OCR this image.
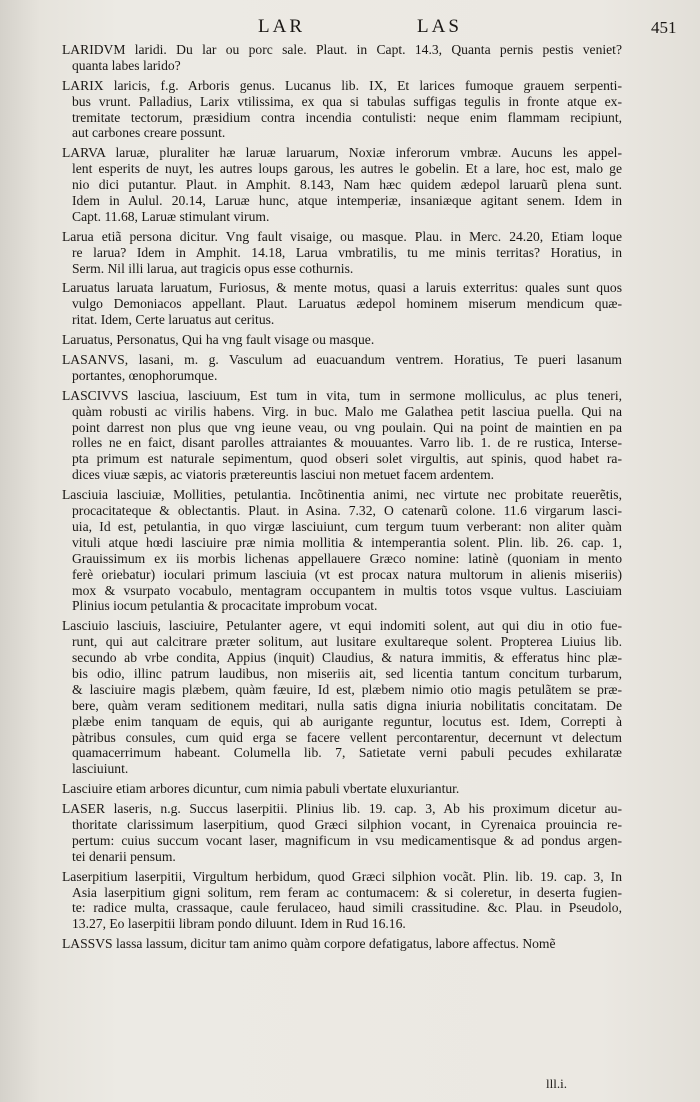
LAR	LAS	451
LARIDVM laridi. Du lar ou porc sale. Plaut. in Capt. 14.3, Quanta pernis pestis veniet?
quanta labes larido?
LARIX laricis, f.g. Arboris genus. Lucanus lib. IX, Et larices fumoque grauem serpenti-
bus vrunt. Palladius, Larix vtilissima, ex qua si tabulas suffigas tegulis in fronte atque ex-
tremitate tectorum, præsidium contra incendia contulisti: neque enim flammam recipiunt,
aut carbones creare possunt.
LARVA laruæ, pluraliter hæ laruæ laruarum, Noxiæ inferorum vmbræ. Aucuns les appel-
lent esperits de nuyt, les autres loups garous, les autres le gobelin. Et a lare, hoc est, malo ge
nio dici putantur. Plaut. in Amphit. 8.143, Nam hæc quidem ædepol laruarũ plena sunt.
Idem in Aulul. 20.14, Laruæ hunc, atque intemperiæ, insaniæque agitant senem. Idem in
Capt. 11.68, Laruæ stimulant virum.
Larua etiã persona dicitur. Vng fault visaige, ou masque. Plau. in Merc. 24.20, Etiam loque
re larua? Idem in Amphit. 14.18, Larua vmbratilis, tu me minis territas? Horatius, in
Serm. Nil illi larua, aut tragicis opus esse cothurnis.
Laruatus laruata laruatum, Furiosus, & mente motus, quasi a laruis exterritus: quales sunt quos
vulgo Demoniacos appellant. Plaut. Laruatus ædepol hominem miserum mendicum quæ-
ritat. Idem, Certe laruatus aut ceritus.
Laruatus, Personatus, Qui ha vng fault visage ou masque.
LASANVS, lasani, m. g. Vasculum ad euacuandum ventrem. Horatius, Te pueri lasanum
portantes, œnophorumque.
LASCIVVS lasciua, lasciuum, Est tum in vita, tum in sermone molliculus, ac plus teneri,
quàm robusti ac virilis habens. Virg. in buc. Malo me Galathea petit lasciua puella. Qui na
point darrest non plus que vng ieune veau, ou vng poulain. Qui na point de maintien en pa
rolles ne en faict, disant parolles attraiantes & mouuantes. Varro lib. 1. de re rustica, Interse-
pta primum est naturale sepimentum, quod obseri solet virgultis, aut spinis, quod habet ra-
dices viuæ sæpis, ac viatoris prætereuntis lasciui non metuet facem ardentem.
Lasciuia lasciuiæ, Mollities, petulantia. Incõtinentia animi, nec virtute nec probitate reuerẽtis,
procacitateque & oblectantis. Plaut. in Asina. 7.32, O catenarũ colone. 11.6 virgarum lasci-
uia, Id est, petulantia, in quo virgæ lasciuiunt, cum tergum tuum verberant: non aliter quàm
vituli atque hœdi lasciuire præ nimia mollitia & intemperantia solent. Plin. lib. 26. cap. 1,
Grauissimum ex iis morbis lichenas appellauere Græco nomine: latinè (quoniam in mento
ferè oriebatur) ioculari primum lasciuia (vt est procax natura multorum in alienis miseriis)
mox & vsurpato vocabulo, mentagram occupantem in multis totos vsque vultus. Lasciuiam
Plinius iocum petulantia & procacitate improbum vocat.
Lasciuio lasciuis, lasciuire, Petulanter agere, vt equi indomiti solent, aut qui diu in otio fue-
runt, qui aut calcitrare præter solitum, aut lusitare exultareque solent. Propterea Liuius lib.
secundo ab vrbe condita, Appius (inquit) Claudius, & natura immitis, & efferatus hinc plæ-
bis odio, illinc patrum laudibus, non miseriis ait, sed licentia tantum concitum turbarum,
& lasciuire magis plæbem, quàm fæuire, Id est, plæbem nimio otio magis petulãtem se præ-
bere, quàm veram seditionem meditari, nulla satis digna iniuria nobilitatis concitatam. De
plæbe enim tanquam de equis, qui ab aurigante reguntur, locutus est. Idem, Correpti à
pàtribus consules, cum quid erga se facere vellent percontarentur, decernunt vt delectum
quamacerrimum habeant. Columella lib. 7, Satietate verni pabuli pecudes exhilaratæ
lasciuiunt.
Lasciuire etiam arbores dicuntur, cum nimia pabuli vbertate eluxuriantur.
LASER laseris, n.g. Succus laserpitii. Plinius lib. 19. cap. 3, Ab his proximum dicetur au-
thoritate clarissimum laserpitium, quod Græci silphion vocant, in Cyrenaica prouincia re-
pertum: cuius succum vocant laser, magnificum in vsu medicamentisque & ad pondus argen-
tei denarii pensum.
Laserpitium laserpitii, Virgultum herbidum, quod Græci silphion vocãt. Plin. lib. 19. cap. 3, In
Asia laserpitium gigni solitum, rem feram ac contumacem: & si coleretur, in deserta fugien-
te: radice multa, crassaque, caule ferulaceo, haud simili crassitudine. &c. Plau. in Pseudolo,
13.27, Eo laserpitii libram pondo diluunt. Idem in Rud 16.16.
LASSVS lassa lassum, dicitur tam animo quàm corpore defatigatus, labore affectus. Nomẽ
lll.i.
